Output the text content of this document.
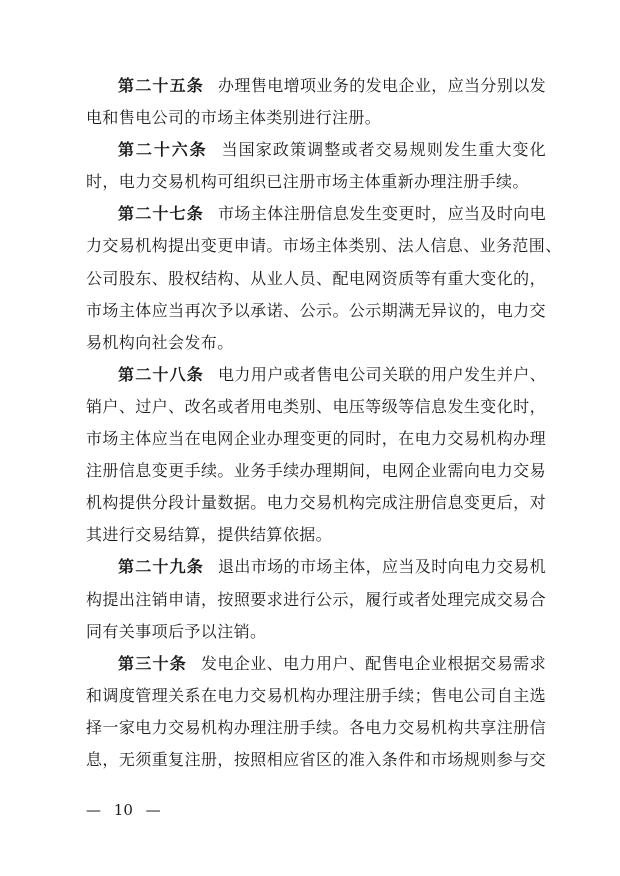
第二十五条 办理售电增项业务的发电企业，应当分别以发
电和售电公司的市场主体类别进行注册。
第二十六条 当国家政策调整或者交易规则发生重大变化
时，电力交易机构可组织已注册市场主体重新办理注册手续。
第二十七条 市场主体注册信息发生变更时，应当及时向电
力交易机构提出变更申请。市场主体类别、法人信息、业务范围、
公司股东、股权结构、从业人员、配电网资质等有重大变化的，
市场主体应当再次予以承诺、公示。公示期满无异议的，电力交
易机构向社会发布。
第二十八条 电力用户或者售电公司关联的用户发生并户、
销户、过户、改名或者用电类别、电压等级等信息发生变化时，
市场主体应当在电网企业办理变更的同时，在电力交易机构办理
注册信息变更手续。业务手续办理期间，电网企业需向电力交易
机构提供分段计量数据。电力交易机构完成注册信息变更后，对
其进行交易结算，提供结算依据。
第二十九条 退出市场的市场主体，应当及时向电力交易机
构提出注销申请，按照要求进行公示，履行或者处理完成交易合
同有关事项后予以注销。
第三十条 发电企业、电力用户、配售电企业根据交易需求
和调度管理关系在电力交易机构办理注册手续；售电公司自主选
择一家电力交易机构办理注册手续。各电力交易机构共享注册信
息，无须重复注册，按照相应省区的准入条件和市场规则参与交
— 10 —
